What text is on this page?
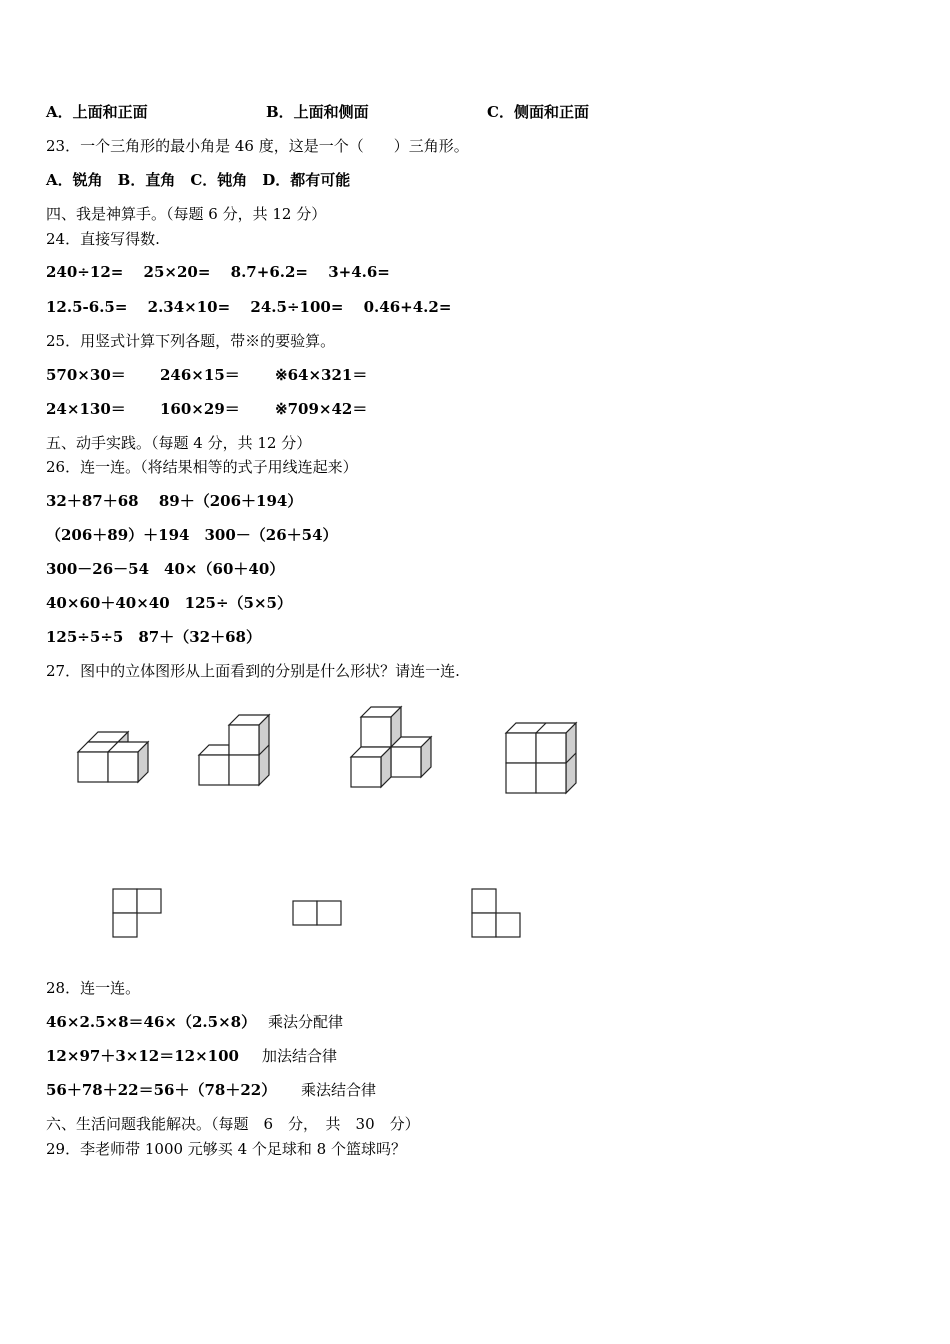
A．上面和正面	B．上面和侧面	C．侧面和正面
23．一个三角形的最小角是 46 度，这是一个（　　）三角形。
A．锐角　B．直角　C．钝角　D．都有可能
四、我是神算手。（每题 6 分，共 12 分）
24．直接写得数.
240÷12=　 25×20=　 8.7+6.2=　 3+4.6=
12.5-6.5=　 2.34×10=　 24.5÷100=　 0.46+4.2=
25．用竖式计算下列各题，带※的要验算。
570×30＝ 246×15＝ ※64×321＝
24×130＝ 160×29＝ ※709×42＝
五、动手实践。（每题 4 分，共 12 分）
26．连一连。（将结果相等的式子用线连起来）
32＋87＋68　 89＋（206＋194）
（206＋89）＋194　300－（26＋54）
300－26－54　40×（60＋40）
40×60＋40×40　125÷（5×5）
125÷5÷5　87＋（32＋68）
27．图中的立体图形从上面看到的分别是什么形状？请连一连.
28．连一连。
46×2.5×8＝46×（2.5×8） 乘法分配律
12×97＋3×12＝12×100 加法结合律
56＋78＋22＝56＋（78＋22） 乘法结合律
六、生活问题我能解决。（每题　6　分，　共　30　分）
29．李老师带 1000 元够买 4 个足球和 8 个篮球吗？
